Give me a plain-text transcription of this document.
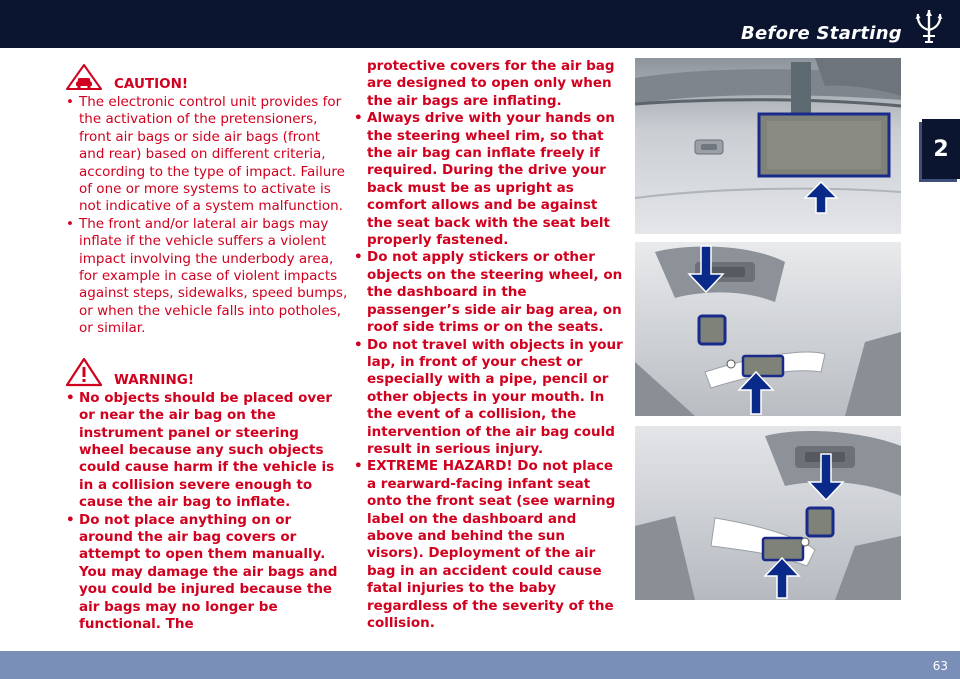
Before Starting
2
CAUTION!
• The electronic control unit provides for the activation of the pretensioners, front air bags or side air bags (front and rear) based on different criteria, according to the type of impact. Failure of one or more systems to activate is not indicative of a system malfunction.
• The front and/or lateral air bags may inflate if the vehicle suffers a violent impact involving the underbody area, for example in case of violent impacts against steps, sidewalks, speed bumps, or when the vehicle falls into potholes, or similar.
WARNING!
• No objects should be placed over or near the air bag on the instrument panel or steering wheel because any such objects could cause harm if the vehicle is in a collision severe enough to cause the air bag to inflate.
• Do not place anything on or around the air bag covers or attempt to open them manually. You may damage the air bags and you could be injured because the air bags may no longer be functional. The
protective covers for the air bag are designed to open only when the air bags are inflating.
• Always drive with your hands on the steering wheel rim, so that the air bag can inflate freely if required. During the drive your back must be as upright as comfort allows and be against the seat back with the seat belt properly fastened.
• Do not apply stickers or other objects on the steering wheel, on the dashboard in the passenger’s side air bag area, on roof side trims or on the seats.
• Do not travel with objects in your lap, in front of your chest or especially with a pipe, pencil or other objects in your mouth. In the event of a collision, the intervention of the air bag could result in serious injury.
• EXTREME HAZARD! Do not place a rearward-facing infant seat onto the front seat (see warning label on the dashboard and above and behind the sun visors). Deployment of the air bag in an accident could cause fatal injuries to the baby regardless of the severity of the collision.
63
